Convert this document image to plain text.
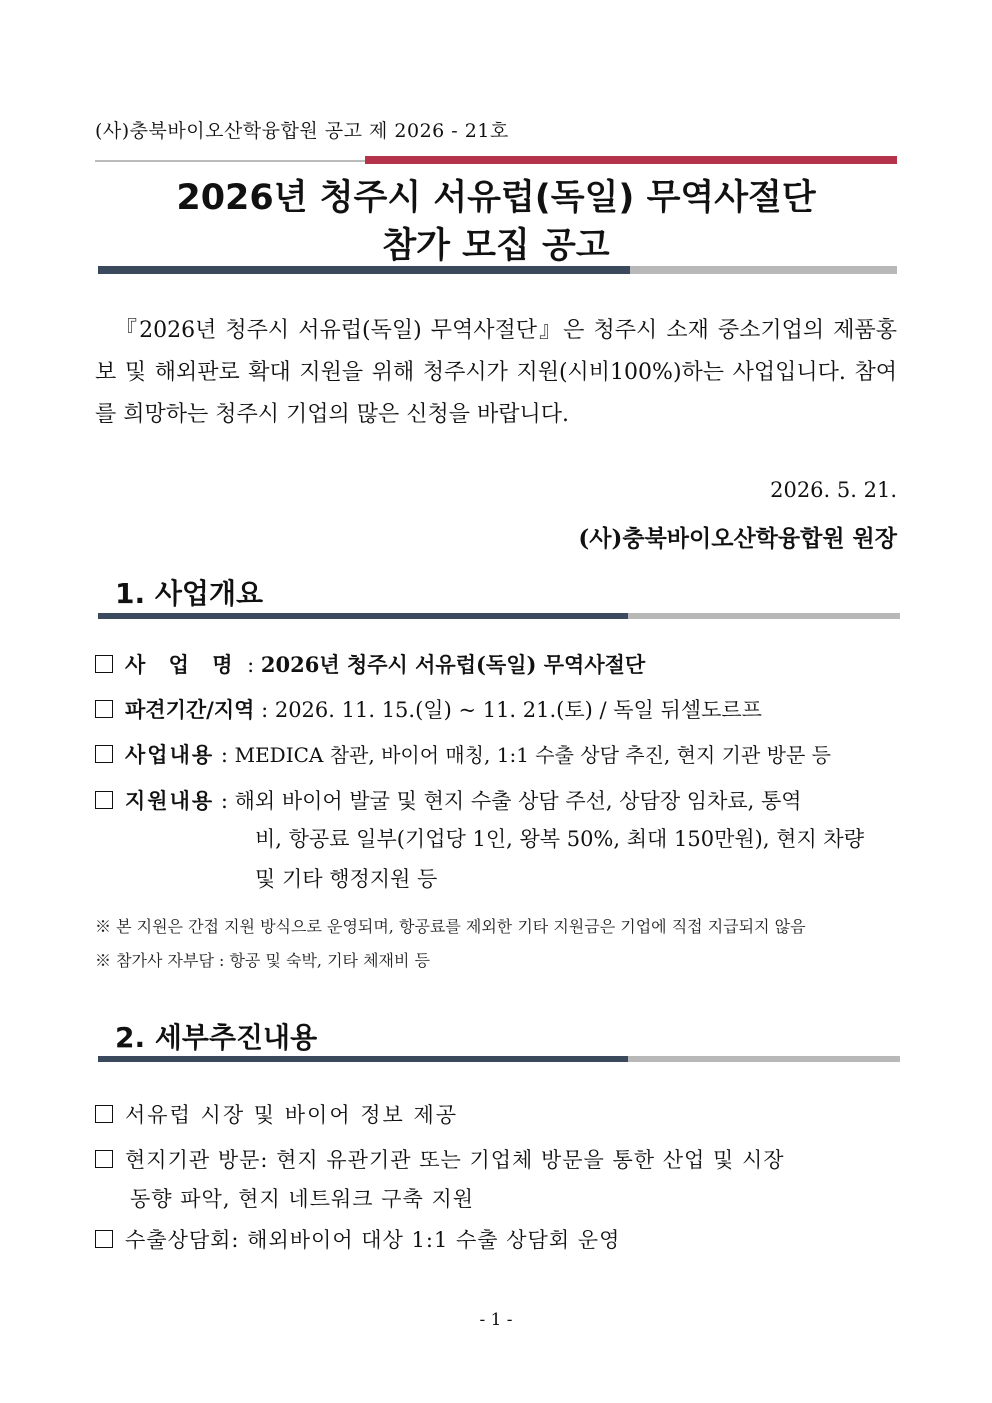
(사)충북바이오산학융합원 공고 제 2026 - 21호
2026년 청주시 서유럽(독일) 무역사절단
참가 모집 공고
『2026년 청주시 서유럽(독일) 무역사절단』은 청주시 소재 중소기업의 제품홍보 및 해외판로 확대 지원을 위해 청주시가 지원(시비100%)하는 사업입니다. 참여를 희망하는 청주시 기업의 많은 신청을 바랍니다.
2026. 5. 21.
(사)충북바이오산학융합원 원장
1. 사업개요
사 업 명 : 2026년 청주시 서유럽(독일) 무역사절단
파견기간/지역 : 2026. 11. 15.(일) ~ 11. 21.(토) / 독일 뒤셀도르프
사업내용 : MEDICA 참관, 바이어 매칭, 1:1 수출 상담 추진, 현지 기관 방문 등
지원내용 : 해외 바이어 발굴 및 현지 수출 상담 주선, 상담장 임차료, 통역
비, 항공료 일부(기업당 1인, 왕복 50%, 최대 150만원), 현지 차량
및 기타 행정지원 등
※ 본 지원은 간접 지원 방식으로 운영되며, 항공료를 제외한 기타 지원금은 기업에 직접 지급되지 않음
※ 참가사 자부담 : 항공 및 숙박, 기타 체재비 등
2. 세부추진내용
서유럽 시장 및 바이어 정보 제공
현지기관 방문: 현지 유관기관 또는 기업체 방문을 통한 산업 및 시장
동향 파악, 현지 네트워크 구축 지원
수출상담회: 해외바이어 대상 1:1 수출 상담회 운영
- 1 -
